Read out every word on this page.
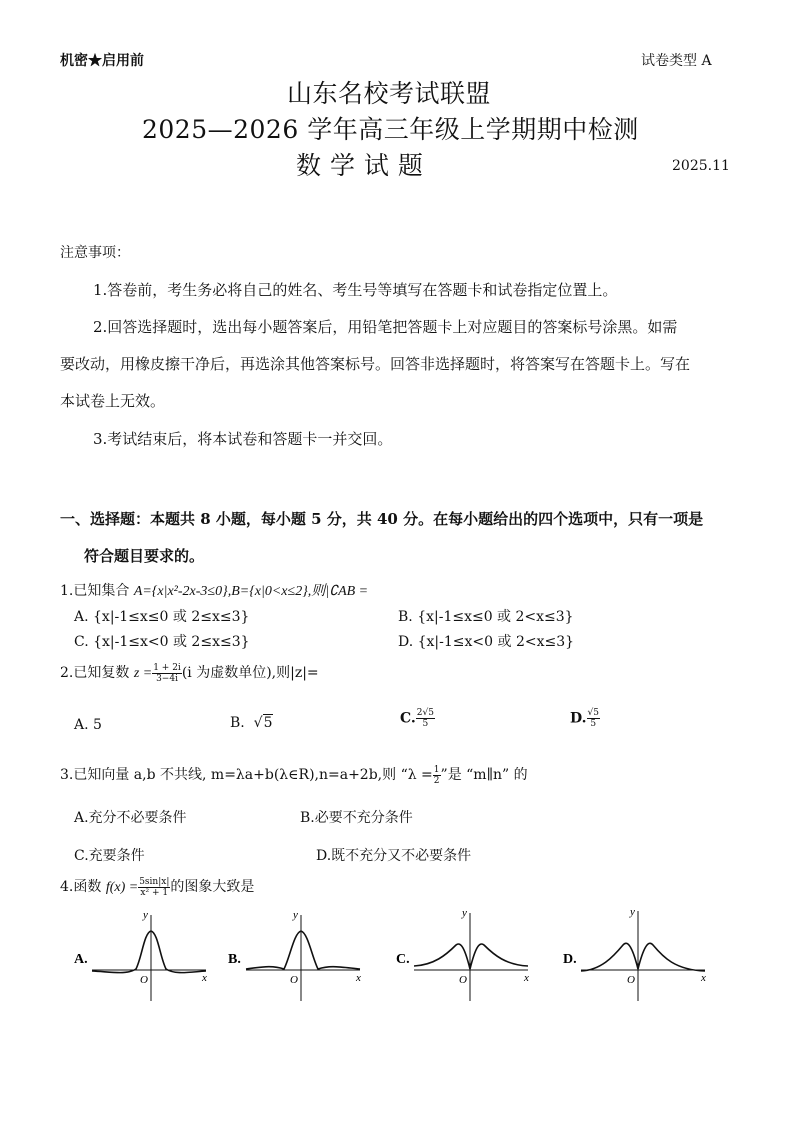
机密★启用前	试卷类型 A
山东名校考试联盟
2025—2026 学年高三年级上学期期中检测
数 学 试 题	2025.11
注意事项：
1.答卷前，考生务必将自己的姓名、考生号等填写在答题卡和试卷指定位置上。
2.回答选择题时，选出每小题答案后，用铅笔把答题卡上对应题目的答案标号涂黑。如需
要改动，用橡皮擦干净后，再选涂其他答案标号。回答非选择题时，将答案写在答题卡上。写在
本试卷上无效。
3.考试结束后，将本试卷和答题卡一并交回。
一、选择题：本题共 8 小题，每小题 5 分，共 40 分。在每小题给出的四个选项中，只有一项是
符合题目要求的。
1.已知集合 A={x|x²-2x-3≤0},B={x|0<x≤2},则|∁AB =
A. {x|-1≤x≤0 或 2≤x≤3}	B. {x|-1≤x≤0 或 2<x≤3}
C. {x|-1≤x<0 或 2≤x≤3}	D. {x|-1≤x<0 或 2<x≤3}
2.已知复数 $z = \frac{1 + 2i}{3-4i} (i$ 为虚数单位),则|z|=
A. 5	B.  √5	C. $\frac{2√5}{5}$	D. $\frac{√5}{5}$
3.已知向量 a,b 不共线, m=λa+b(λ∈R),n=a+2b,则 “$\lambda = \frac{1}{2}$ ”是 “m∥n” 的
A.充分不必要条件	B.必要不充分条件
C.充要条件	D.既不充分又不必要条件
4.函数 $f(x) = \frac{5\sin|x|}{\text{x² + 1}}$ 的图象大致是
A.
y
O	x
B.
y
O	x
C.
y
O	x
D.
y
O	x
